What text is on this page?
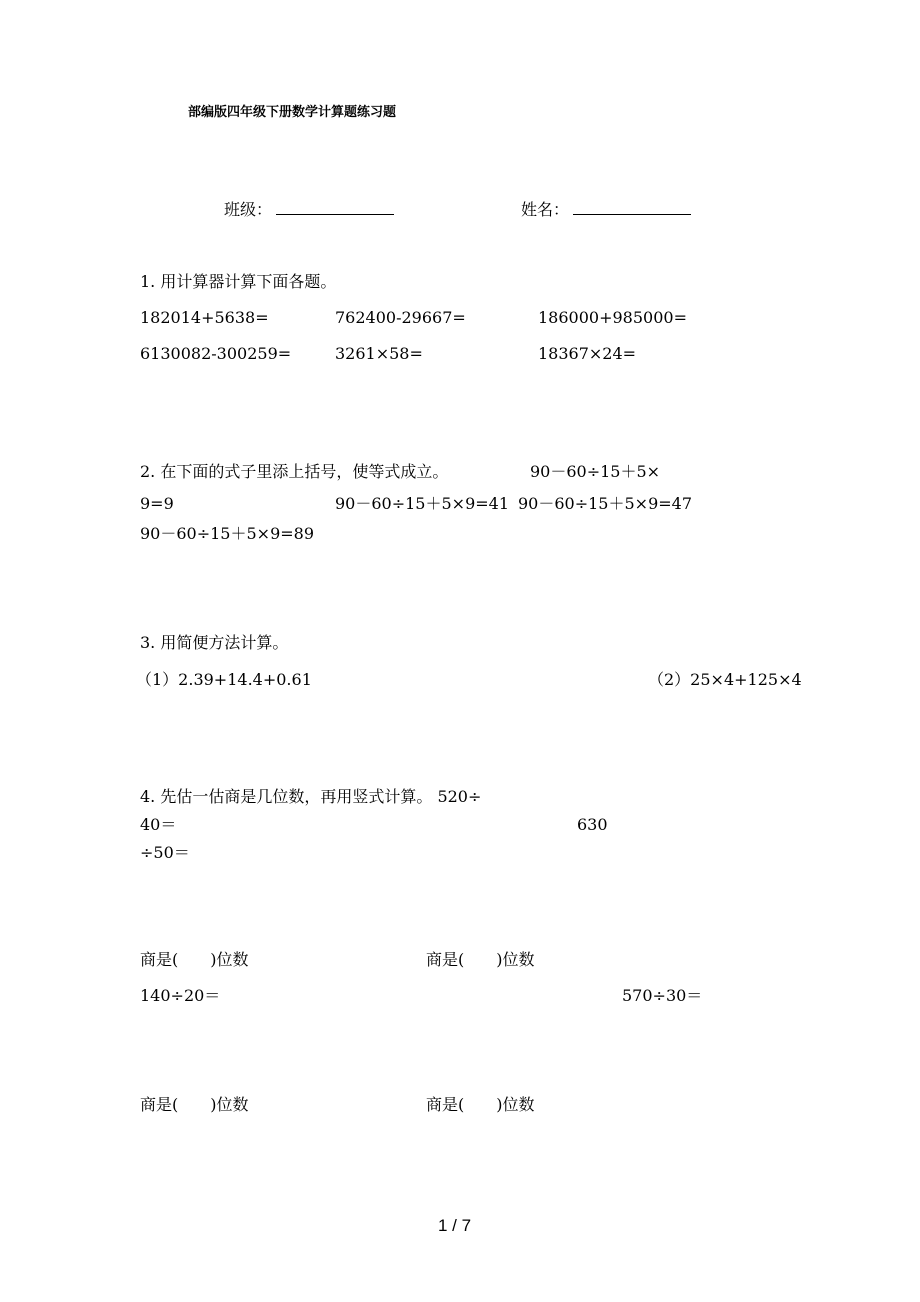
部编版四年级下册数学计算题练习题
班级：	姓名：
1. 用计算器计算下面各题。
182014+5638=	762400-29667=	186000+985000=
6130082-300259=	3261×58=	18367×24=
2. 在下面的式子里添上括号，使等式成立。	90－60÷15＋5×
9=9	90－60÷15＋5×9=41 90－60÷15＋5×9=47
90－60÷15＋5×9=89
3. 用简便方法计算。
（1）2.39+14.4+0.61	（2）25×4+125×4
4. 先估一估商是几位数，再用竖式计算。 520÷
40＝	630
÷50＝
商是(　　)位数	商是(　　)位数
140÷20＝	570÷30＝
商是(　　)位数	商是(　　)位数
1 / 7
